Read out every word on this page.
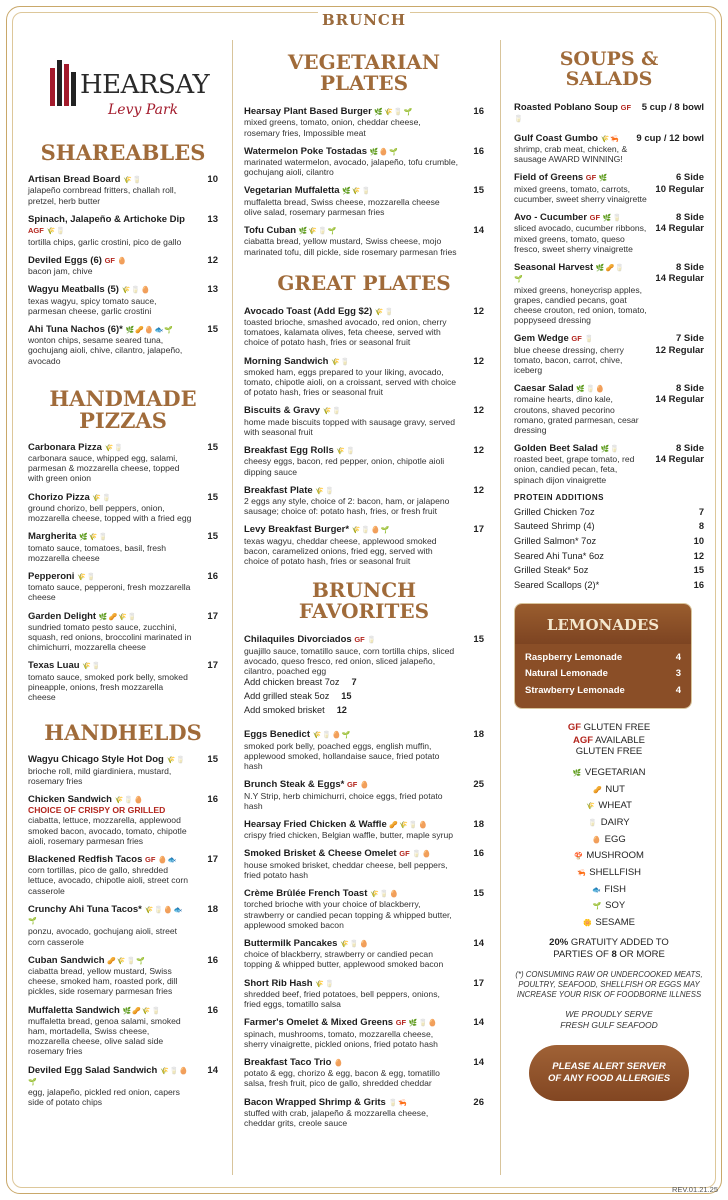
BRUNCH
HEARSAY
Levy Park
SHAREABLES
Artisan Bread Board 🌾🥛
jalapeño cornbread fritters, challah roll, pretzel, herb butter
10
Spinach, Jalapeño & Artichoke Dip AGF 🌾🥛
tortilla chips, garlic crostini, pico de gallo
13
Deviled Eggs (6) GF 🥚
bacon jam, chive
12
Wagyu Meatballs (5) 🌾🥛🥚
texas wagyu, spicy tomato sauce, parmesan cheese, garlic crostini
13
Ahi Tuna Nachos (6)* 🌿🥜🥚🐟🌱
wonton chips, sesame seared tuna, gochujang aioli, chive, cilantro, jalapeño, avocado
15
HANDMADE
PIZZAS
Carbonara Pizza 🌾🥛
carbonara sauce, whipped egg, salami, parmesan & mozzarella cheese, topped with green onion
15
Chorizo Pizza 🌾🥛
ground chorizo, bell peppers, onion, mozzarella cheese, topped with a fried egg
15
Margherita 🌿🌾🥛
tomato sauce, tomatoes, basil, fresh mozzarella cheese
15
Pepperoni 🌾🥛
tomato sauce, pepperoni, fresh mozzarella cheese
16
Garden Delight 🌿🥜🌾🥛
sundried tomato pesto sauce, zucchini, squash, red onions, broccolini marinated in chimichurri, mozzarella cheese
17
Texas Luau 🌾🥛
tomato sauce, smoked pork belly, smoked pineapple, onions, fresh mozzarella cheese
17
HANDHELDS
Wagyu Chicago Style Hot Dog 🌾🥛
brioche roll, mild giardiniera, mustard, rosemary fries
15
Chicken Sandwich 🌾🥛🥚
CHOICE OF CRISPY OR GRILLED
ciabatta, lettuce, mozzarella, applewood smoked bacon, avocado, tomato, chipotle aioli, rosemary parmesan fries
16
Blackened Redfish Tacos GF 🥚🐟
corn tortillas, pico de gallo, shredded lettuce, avocado, chipotle aioli, street corn casserole
17
Crunchy Ahi Tuna Tacos* 🌾🥛🥚🐟🌱
ponzu, avocado, gochujang aioli, street corn casserole
18
Cuban Sandwich 🥜🌾🥛🌱
ciabatta bread, yellow mustard, Swiss cheese, smoked ham, roasted pork, dill pickles, side rosemary parmesan fries
16
Muffaletta Sandwich 🌿🥜🌾🥛
muffaletta bread, genoa salami, smoked ham, mortadella, Swiss cheese, mozzarella cheese, olive salad side rosemary fries
16
Deviled Egg Salad Sandwich 🌾🥛🥚🌱
egg, jalapeño, pickled red onion, capers side of potato chips
14
VEGETARIAN PLATES
Hearsay Plant Based Burger 🌿🌾🥛🌱
mixed greens, tomato, onion, cheddar cheese, rosemary fries, Impossible meat
16
Watermelon Poke Tostadas 🌿🥚🌱
marinated watermelon, avocado, jalapeño, tofu crumble, gochujang aioli, cilantro
16
Vegetarian Muffaletta 🌿🌾🥛
muffaletta bread, Swiss cheese, mozzarella cheese olive salad, rosemary parmesan fries
15
Tofu Cuban 🌿🌾🥛🌱
ciabatta bread, yellow mustard, Swiss cheese, mojo marinated tofu, dill pickle, side rosemary parmesan fries
14
GREAT PLATES
Avocado Toast (Add Egg $2) 🌾🥛
toasted brioche, smashed avocado, red onion, cherry tomatoes, kalamata olives, feta cheese, served with choice of potato hash, fries or seasonal fruit
12
Morning Sandwich 🌾🥛
smoked ham, eggs prepared to your liking, avocado, tomato, chipotle aioli, on a croissant, served with choice of potato hash, fries or seasonal fruit
12
Biscuits & Gravy 🌾🥛
home made biscuits topped with sausage gravy, served with seasonal fruit
12
Breakfast Egg Rolls 🌾🥛
cheesy eggs, bacon, red pepper, onion, chipotle aioli dipping sauce
12
Breakfast Plate 🌾🥛
2 eggs any style, choice of 2: bacon, ham, or jalapeno sausage; choice of: potato hash, fries, or fresh fruit
12
Levy Breakfast Burger* 🌾🥛🥚🌱
texas wagyu, cheddar cheese, applewood smoked bacon, caramelized onions, fried egg, served with choice of potato hash, fries or seasonal fruit
17
BRUNCH FAVORITES
Chilaquiles Divorciados GF 🥛
guajillo sauce, tomatillo sauce, corn tortilla chips, sliced avocado, queso fresco, red onion, sliced jalapeño, cilantro, poached egg
15
Add chicken breast 7oz 7
Add grilled steak 5oz 15
Add smoked brisket 12
Eggs Benedict 🌾🥛🥚🌱
smoked pork belly, poached eggs, english muffin, applewood smoked, hollandaise sauce, fried potato hash
18
Brunch Steak & Eggs* GF 🥚
N.Y Strip, herb chimichurri, choice eggs, fried potato hash
25
Hearsay Fried Chicken & Waffle 🥜🌾🥛🥚
crispy fried chicken, Belgian waffle, butter, maple syrup
18
Smoked Brisket & Cheese Omelet GF 🥛🥚
house smoked brisket, cheddar cheese, bell peppers, fried potato hash
16
Crème Brûlée French Toast 🌾🥛🥚
torched brioche with your choice of blackberry, strawberry or candied pecan topping & whipped butter, applewood smoked bacon
15
Buttermilk Pancakes 🌾🥛🥚
choice of blackberry, strawberry or candied pecan topping & whipped butter, applewood smoked bacon
14
Short Rib Hash 🌾🥛
shredded beef, fried potatoes, bell peppers, onions, fried eggs, tomatillo salsa
17
Farmer's Omelet & Mixed Greens GF 🌿🥛🥚
spinach, mushrooms, tomato, mozzarella cheese, sherry vinaigrette, pickled onions, fried potato hash
14
Breakfast Taco Trio 🥚
potato & egg, chorizo & egg, bacon & egg, tomatillo salsa, fresh fruit, pico de gallo, shredded cheddar
14
Bacon Wrapped Shrimp & Grits 🥛🦐
stuffed with crab, jalapeño & mozzarella cheese, cheddar grits, creole sauce
26
SOUPS &
SALADS
Roasted Poblano Soup GF 🥛
5 cup / 8 bowl
Gulf Coast Gumbo 🌾🦐
shrimp, crab meat, chicken, & sausage AWARD WINNING!
9 cup / 12 bowl
Field of Greens GF 🌿
mixed greens, tomato, carrots, cucumber, sweet sherry vinaigrette
6 Side
10 Regular
Avo - Cucumber GF 🌿🥛
sliced avocado, cucumber ribbons, mixed greens, tomato, queso fresco, sweet sherry vinaigrette
8 Side
14 Regular
Seasonal Harvest 🌿🥜🥛🌱
mixed greens, honeycrisp apples, grapes, candied pecans, goat cheese crouton, red onion, tomato, poppyseed dressing
8 Side
14 Regular
Gem Wedge GF 🥛
blue cheese dressing, cherry tomato, bacon, carrot, chive, iceberg
7 Side
12 Regular
Caesar Salad 🌿🥛🥚
romaine hearts, dino kale, croutons, shaved pecorino romano, grated parmesan, cesar dressing
8 Side
14 Regular
Golden Beet Salad 🌿🥛
roasted beet, grape tomato, red onion, candied pecan, feta, spinach dijon vinaigrette
8 Side
14 Regular
PROTEIN ADDITIONS
Grilled Chicken 7oz	7
Sauteed Shrimp (4)	8
Grilled Salmon* 7oz	10
Seared Ahi Tuna* 6oz	12
Grilled Steak* 5oz	15
Seared Scallops (2)*	16
LEMONADES
Raspberry Lemonade	4
Natural Lemonade	3
Strawberry Lemonade	4
GF GLUTEN FREE
AGF AVAILABLE
GLUTEN FREE
🌿 VEGETARIAN
🥜 NUT
🌾 WHEAT
🥛 DAIRY
🥚 EGG
🍄 MUSHROOM
🦐 SHELLFISH
🐟 FISH
🌱 SOY
🌼 SESAME
20% GRATUITY ADDED TO
PARTIES OF 8 OR MORE
(*) CONSUMING RAW OR UNDERCOOKED MEATS, POULTRY, SEAFOOD, SHELLFISH OR EGGS MAY INCREASE YOUR RISK OF FOODBORNE ILLNESS
WE PROUDLY SERVE
FRESH GULF SEAFOOD
PLEASE ALERT SERVER OF ANY FOOD ALLERGIES
REV.01.21.25
